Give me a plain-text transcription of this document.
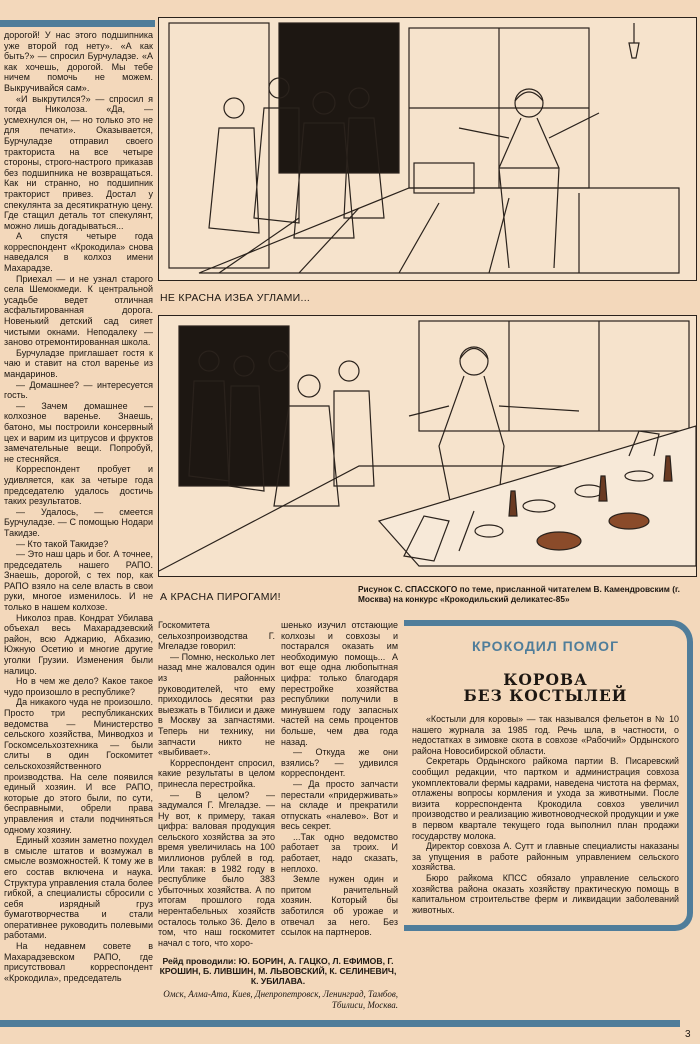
дорогой! У нас этого подшипника уже второй год нету». «А как быть?» — спросил Бурчуладзе. «А как хочешь, дорогой. Мы тебе ничем помочь не можем. Выкручивайся сам».

«И выкрутился?» — спросил я тогда Николоза. «Да, — усмехнулся он, — но только это не для печати». Оказывается, Бурчуладзе отправил своего тракториста на все четыре стороны, строго-настрого приказав без подшипника не возвращаться. Как ни странно, но подшипник тракторист привез. Достал у спекулянта за десятикратную цену. Где стащил деталь тот спекулянт, можно лишь догадываться...

А спустя четыре года корреспондент «Крокодила» снова наведался в колхоз имени Махарадзе.

Приехал — и не узнал старого села Шемокмеди. К центральной усадьбе ведет отличная асфальтированная дорога. Новенький детский сад сияет чистыми окнами. Неподалеку — заново отремонтированная школа.

Бурчуладзе приглашает гостя к чаю и ставит на стол варенье из мандаринов.

— Домашнее? — интересуется гость.

— Зачем домашнее — колхозное варенье. Знаешь, батоно, мы построили консервный цех и варим из цитрусов и фруктов замечательные вещи. Попробуй, не стесняйся.

Корреспондент пробует и удивляется, как за четыре года председателю удалось достичь таких результатов.

— Удалось, — смеется Бурчуладзе. — С помощью Нодари Такидзе.

— Кто такой Такидзе?

— Это наш царь и бог. А точнее, председатель нашего РАПО. Знаешь, дорогой, с тех пор, как РАПО взяло на селе власть в свои руки, многое изменилось. И не только в нашем колхозе.

Николоз прав. Кондрат Убилава объехал весь Махарадзевский район, всю Аджарию, Абхазию, Южную Осетию и многие другие уголки Грузии. Изменения были налицо.

Но в чем же дело? Какое такое чудо произошло в республике?

Да никакого чуда не произошло. Просто три республиканских ведомства — Министерство сельского хозяйства, Минводхоз и Госкомсельхозтехника — были слиты в один Госкомитет сельскохозяйственного производства. На селе появился единый хозяин. И все РАПО, которые до этого были, по сути, бесправными, обрели права управления и стали подчиняться одному хозяину.

Единый хозяин заметно похудел в смысле штатов и возмужал в смысле возможностей. К тому же в его состав включена и наука. Структура управления стала более гибкой, а специалисты сбросили с себя изрядный груз бумаготворчества и стали оперативнее руководить полевыми работами.

На недавнем совете в Махарадзевском РАПО, где присутствовал корреспондент «Крокодила», председатель

НЕ КРАСНА ИЗБА УГЛАМИ...
А КРАСНА ПИРОГАМИ!
Рисунок С. СПАССКОГО по теме, присланной читателем В. Камендровским (г. Москва) на конкурс «Крокодильский деликатес-85»

Госкомитета сельхозпроизводства Г. Мгеладзе говорил:

— Помню, несколько лет назад мне жаловался один из районных руководителей, что ему приходилось десятки раз выезжать в Тбилиси и даже в Москву за запчастями. Теперь ни технику, ни запчасти никто не «выбивает».

Корреспондент спросил, какие результаты в целом принесла перестройка.

— В целом? — задумался Г. Мгеладзе. — Ну вот, к примеру, такая цифра: валовая продукция сельского хозяйства за это время увеличилась на 100 миллионов рублей в год. Или такая: в 1982 году в республике было 383 убыточных хозяйства. А по итогам прошлого года нерентабельных хозяйств осталось только 36. Дело в том, что наш госкомитет начал с того, что хоро-

шенько изучил отстающие колхозы и совхозы и постарался оказать им необходимую помощь... А вот еще одна любопытная цифра: только благодаря перестройке хозяйства республики получили в минувшем году запасных частей на семь процентов больше, чем два года назад.

— Откуда же они взялись? — удивился корреспондент.

— Да просто запчасти перестали «придерживать» на складе и прекратили отпускать «налево». Вот и весь секрет.

...Так одно ведомство работает за троих. И работает, надо сказать, неплохо.

Земле нужен один и притом рачительный хозяин. Который бы заботился об урожае и отвечал за него. Без ссылок на партнеров.

Рейд проводили: Ю. БОРИН, А. ГАЦКО, Л. ЕФИМОВ, Г. КРОШИН, Б. ЛИВШИН, М. ЛЬВОВСКИЙ, К. СЕЛИНЕВИЧ, К. УБИЛАВА.
Омск, Алма-Ата, Киев, Днепропетровск, Ленинград, Тамбов, Тбилиси, Москва.
КРОКОДИЛ ПОМОГ
КОРОВА
БЕЗ КОСТЫЛЕЙ

«Костыли для коровы» — так назывался фельетон в № 10 нашего журнала за 1985 год. Речь шла, в частности, о недостатках в зимовке скота в совхозе «Рабочий» Ордынского района Новосибирской области.

Секретарь Ордынского райкома партии В. Писаревский сообщил редакции, что партком и администрация совхоза укомплектовали фермы кадрами, наведена чистота на фермах, отлажены вопросы кормления и ухода за животными. После визита корреспондента Крокодила совхоз увеличил производство и реализацию животноводческой продукции и уже в первом квартале текущего года выполнил план продажи государству молока.

Директор совхоза А. Сутт и главные специалисты наказаны за упущения в работе районным управлением сельского хозяйства.

Бюро райкома КПСС обязало управление сельского хозяйства района оказать хозяйству практическую помощь в капитальном строительстве ферм и ликвидации заболеваний животных.

3
